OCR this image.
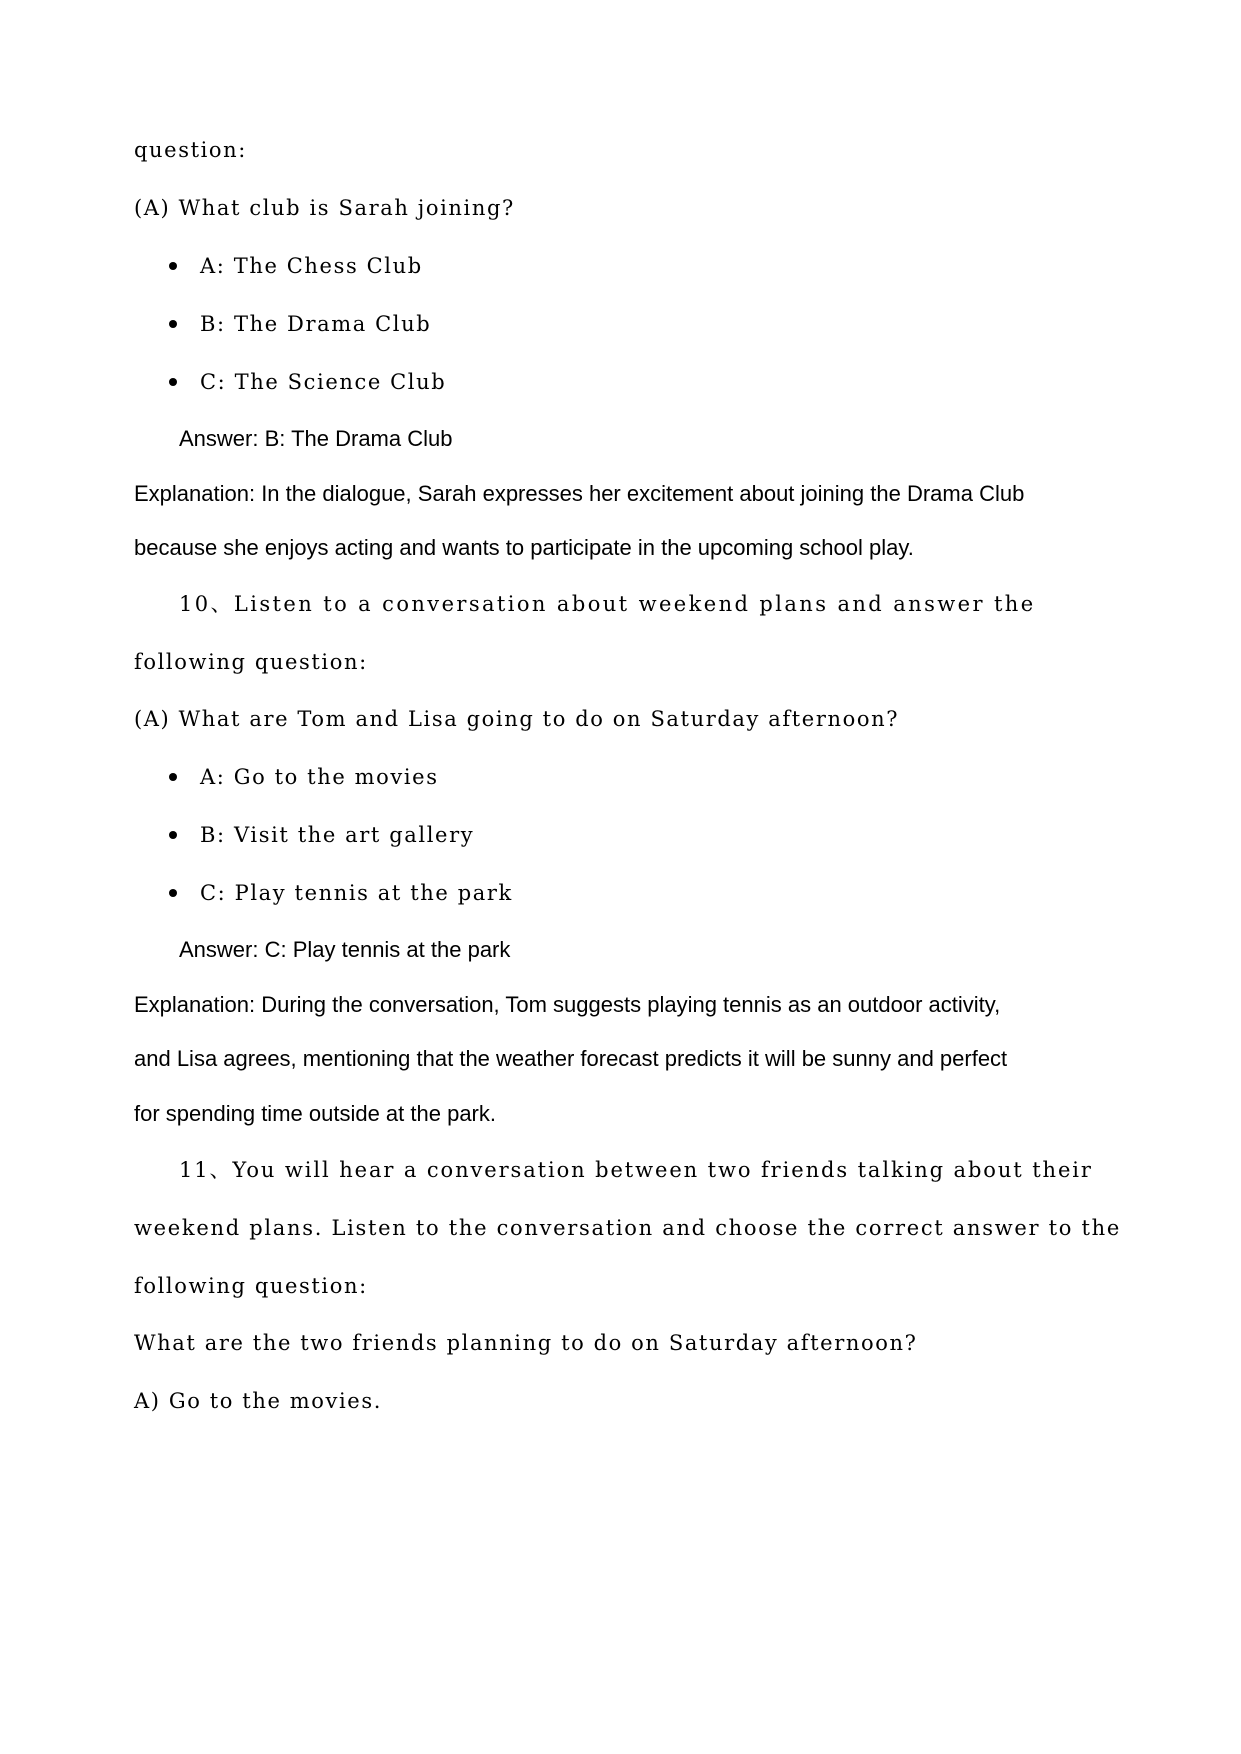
question:
(A) What club is Sarah joining?
A: The Chess Club
B: The Drama Club
C: The Science Club
Answer: B: The Drama Club
Explanation: In the dialogue, Sarah expresses her excitement about joining the Drama Club
because she enjoys acting and wants to participate in the upcoming school play.
10、Listen to a conversation about weekend plans and answer the
following question:
(A) What are Tom and Lisa going to do on Saturday afternoon?
A: Go to the movies
B: Visit the art gallery
C: Play tennis at the park
Answer: C: Play tennis at the park
Explanation: During the conversation, Tom suggests playing tennis as an outdoor activity,
and Lisa agrees, mentioning that the weather forecast predicts it will be sunny and perfect
for spending time outside at the park.
11、You will hear a conversation between two friends talking about their
weekend plans. Listen to the conversation and choose the correct answer to the
following question:
What are the two friends planning to do on Saturday afternoon?
A) Go to the movies.
